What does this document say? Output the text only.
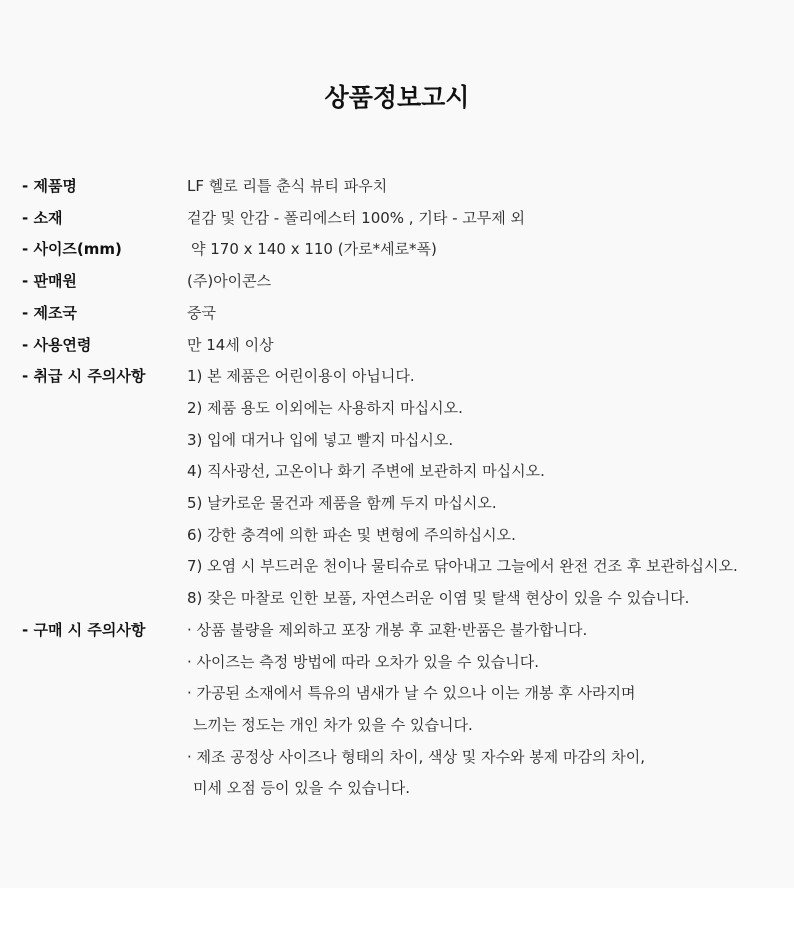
상품정보고시
- 제품명	LF 헬로 리틀 춘식 뷰티 파우치
- 소재	겉감 및 안감 - 폴리에스터 100% , 기타 - 고무제 외
- 사이즈(mm)	약 170 x 140 x 110 (가로*세로*폭)
- 판매원	(주)아이콘스
- 제조국	중국
- 사용연령	만 14세 이상
- 취급 시 주의사항	1) 본 제품은 어린이용이 아닙니다.
2) 제품 용도 이외에는 사용하지 마십시오.
3) 입에 대거나 입에 넣고 빨지 마십시오.
4) 직사광선, 고온이나 화기 주변에 보관하지 마십시오.
5) 날카로운 물건과 제품을 함께 두지 마십시오.
6) 강한 충격에 의한 파손 및 변형에 주의하십시오.
7) 오염 시 부드러운 천이나 물티슈로 닦아내고 그늘에서 완전 건조 후 보관하십시오.
8) 잦은 마찰로 인한 보풀, 자연스러운 이염 및 탈색 현상이 있을 수 있습니다.
- 구매 시 주의사항	· 상품 불량을 제외하고 포장 개봉 후 교환·반품은 불가합니다.
· 사이즈는 측정 방법에 따라 오차가 있을 수 있습니다.
· 가공된 소재에서 특유의 냄새가 날 수 있으나 이는 개봉 후 사라지며
느끼는 정도는 개인 차가 있을 수 있습니다.
· 제조 공정상 사이즈나 형태의 차이, 색상 및 자수와 봉제 마감의 차이,
미세 오점 등이 있을 수 있습니다.
